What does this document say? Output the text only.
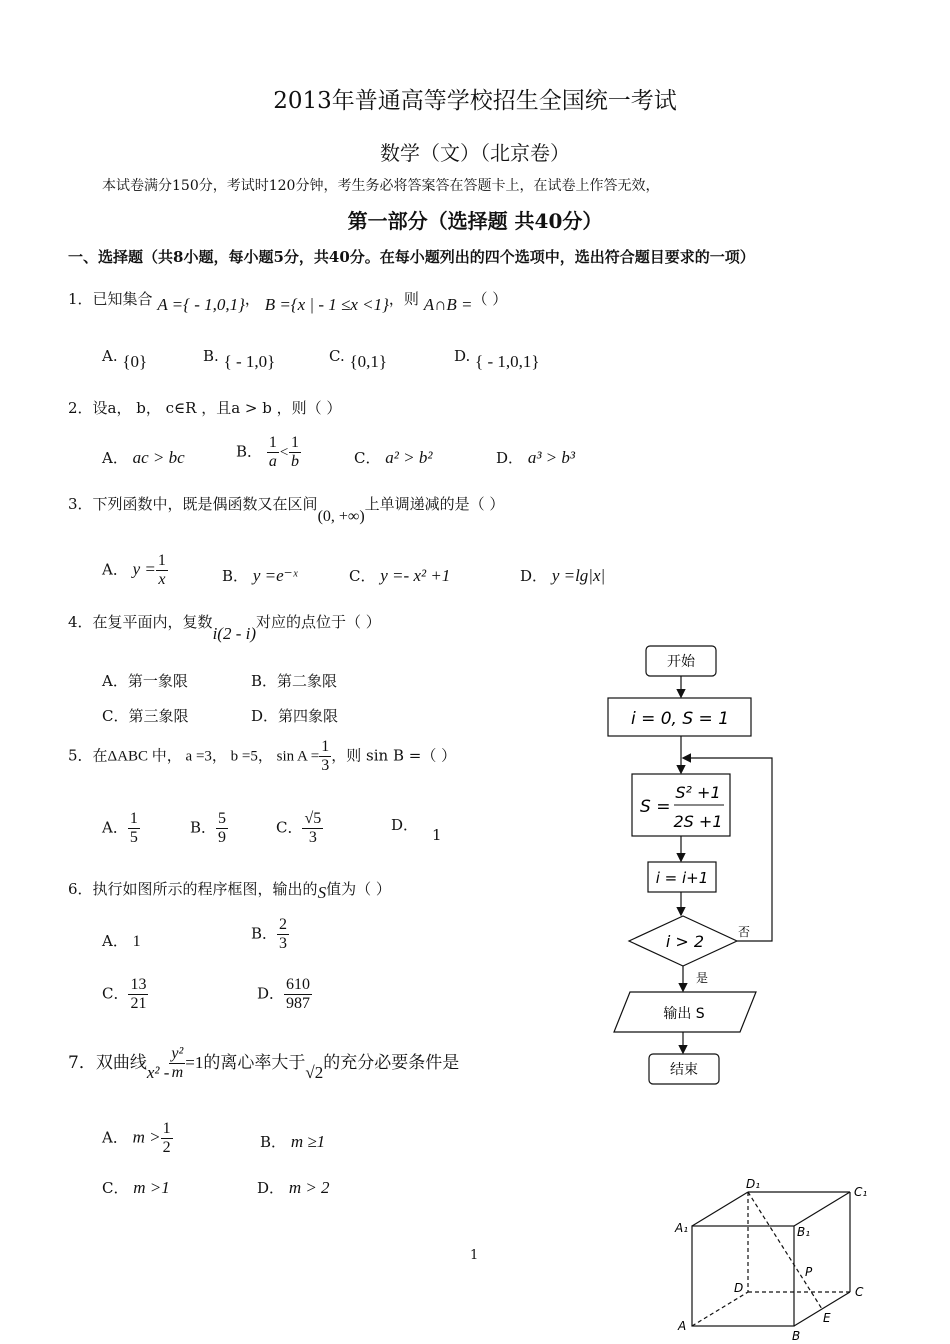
2013年普通高等学校招生全国统一考试
数学（文）（北京卷）
本试卷满分150分，考试时120分钟，考生务必将答案答在答题卡上，在试卷上作答无效，
第一部分（选择题 共40分）
一、选择题（共8小题，每小题5分，共40分。在每小题列出的四个选项中，选出符合题目要求的一项）
1．已知集合 A ={ - 1,0,1}， B ={x | - 1 ≤x <1}，则 A∩B =（ ）
A. {0}	B. { - 1,0}	C. {0,1}	D. { - 1,0,1}
2．设a， b， c∈R ，且a > b ，则（ ）
A． ac > bc	B． $\frac{1}{a} < \frac{1}{b}$	C． a² > b²	D． a³ > b³
3．下列函数中，既是偶函数又在区间(0, +∞)上单调递减的是（ ）
A． $y = \frac{1}{x}$	B． y =e⁻ˣ	C． y =- x² +1	D． y =lg|x|
4．在复平面内，复数i(2 - i)对应的点位于（ ）
A．第一象限	B．第二象限
C．第三象限	D．第四象限
5．在ΔABC 中， a =3， b =5， $\sin A = \frac{1}{3}$ ，则 sin B =（ ）
A． $\frac{1}{5}$	B． $\frac{5}{9}$	C． $\frac{√5}{3}$	D．1
6．执行如图所示的程序框图，输出的S值为（ ）
A． 1	B． $\frac{2}{3}$
C． $\frac{13}{21}$	D． $\frac{610}{987}$
7．双曲线$x^2 - \frac{\text{y²}}{m} =1$的离心率大于√2的充分必要条件是
A． $m > \frac{1}{2}$	B． m ≥1
C． m >1	D． m > 2
开始
i = 0, S = 1
S =
S² +1
2S +1
i = i+1
i > 2	否
是
输出 S
结束
D₁
C₁
A₁	B₁
P
D	C
E
A
B
1
